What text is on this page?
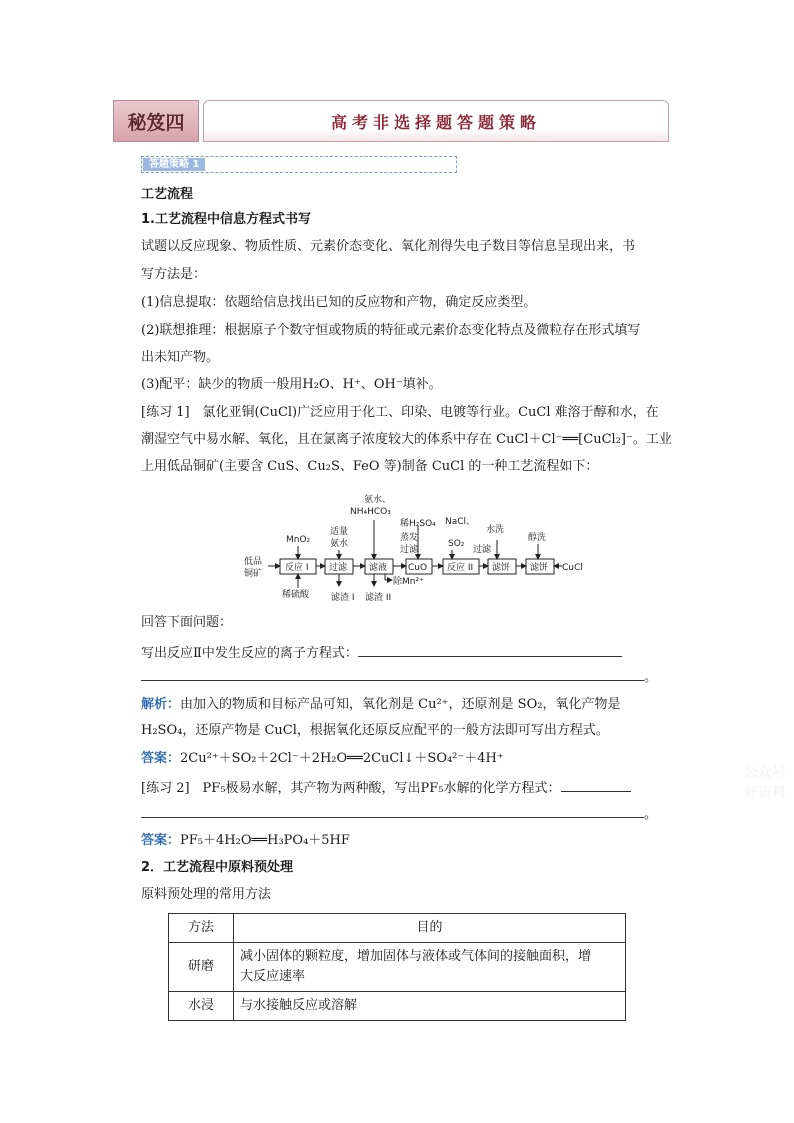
秘笈四	高考非选择题答题策略
答题策略 1
工艺流程
1.工艺流程中信息方程式书写
试题以反应现象、物质性质、元素价态变化、氧化剂得失电子数目等信息呈现出来，书
写方法是：
(1)信息提取：依题给信息找出已知的反应物和产物，确定反应类型。
(2)联想推理：根据原子个数守恒或物质的特征或元素价态变化特点及微粒存在形式填写
出未知产物。
(3)配平：缺少的物质一般用H₂O、H⁺、OH⁻填补。
[练习 1]　氯化亚铜(CuCl)广泛应用于化工、印染、电镀等行业。CuCl 难溶于醇和水，在
潮湿空气中易水解、氧化，且在氯离子浓度较大的体系中存在 CuCl＋Cl⁻══[CuCl₂]⁻。工业
上用低品铜矿(主要含 CuS、Cu₂S、FeO 等)制备 CuCl 的一种工艺流程如下：
低品
铜矿
反应 I 过滤 滤液 CuO 反应 II 滤饼 滤饼 CuCl
MnO₂
稀硫酸
适量
氨水
氨水、
NH₄HCO₃
稀H₂SO₄
蒸发
过滤
NaCl、
SO₂
水洗
过滤
醇洗
滤渣 I 滤渣 II
除Mn²⁺
回答下面问题：
写出反应Ⅱ中发生反应的离子方程式：
。
解析：由加入的物质和目标产品可知，氧化剂是 Cu²⁺，还原剂是 SO₂，氧化产物是
H₂SO₄，还原产物是 CuCl，根据氧化还原反应配平的一般方法即可写出方程式。
答案：2Cu²⁺＋SO₂＋2Cl⁻＋2H₂O══2CuCl↓＋SO₄²⁻＋4H⁺
[练习 2]　PF₅极易水解，其产物为两种酸，写出PF₅水解的化学方程式：
。
答案：PF₅＋4H₂O══H₃PO₄＋5HF
2．工艺流程中原料预处理
原料预处理的常用方法
方法	目的
研磨	减小固体的颗粒度，增加固体与液体或气体间的接触面积，增
大反应速率

水浸	与水接触反应或溶解
公众号 好资料
